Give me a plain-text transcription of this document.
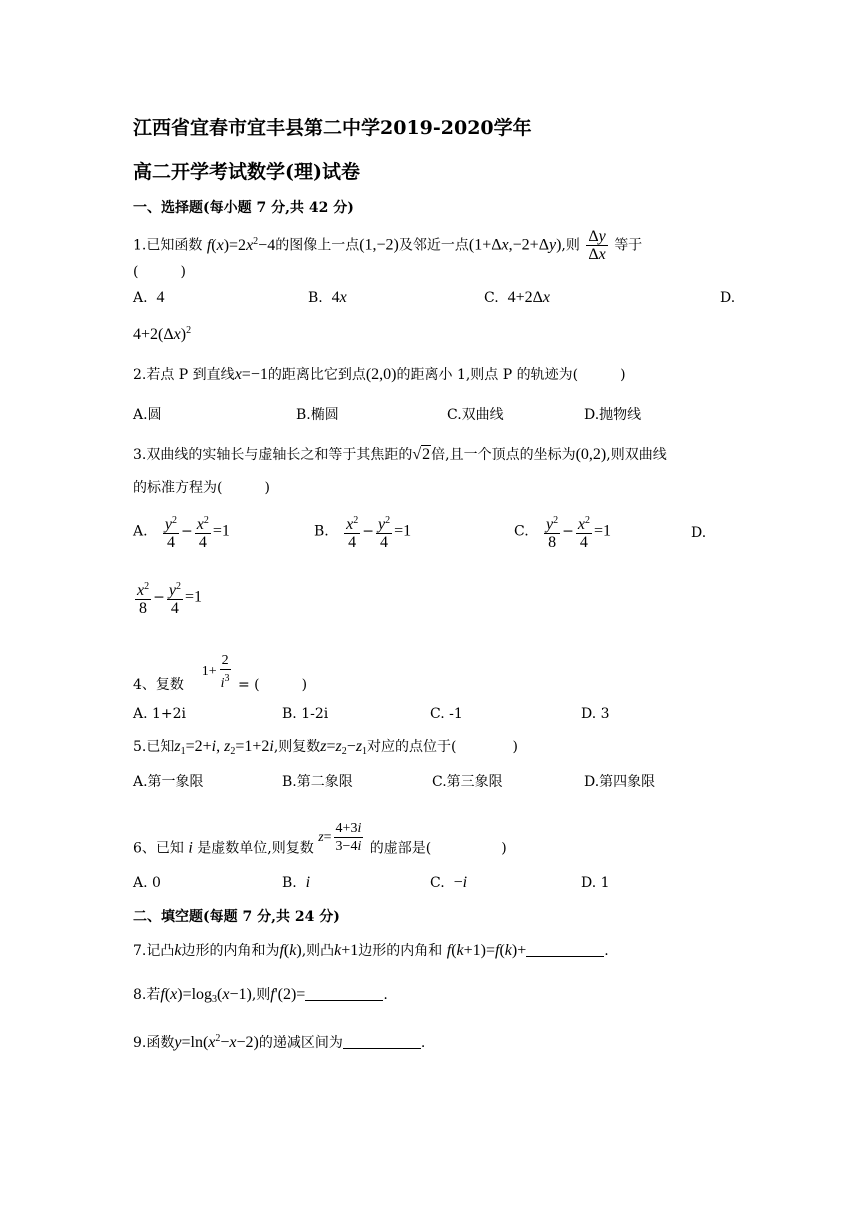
江西省宜春市宜丰县第二中学2019-2020学年
高二开学考试数学(理)试卷
一、选择题(每小题 7 分,共 42 分)
1.已知函数 $f(x)=2x^2-4$的图像上一点(1,−2)及邻近一点(1+Δx,−2+Δy),则 $\frac{\Delta y}{\Delta x}$ 等于
(　　　)
A. 4	B. 4x	C. 4+2Δx	D.
$4+2(\Delta x)^2$
2.若点 P 到直线x=−1的距离比它到点(2,0)的距离小 1,则点 P 的轨迹为(　　　)
A.圆	B.椭圆	C.双曲线	D.抛物线
3.双曲线的实轴长与虚轴长之和等于其焦距的√2倍,且一个顶点的坐标为(0,2),则双曲线
的标准方程为(　　　)
A. $\frac{y^2}{4} - \frac{x^2}{4} =1$	B. $\frac{x^2}{4} - \frac{y^2}{4} =1$	C. $\frac{y^2}{8} - \frac{x^2}{4} =1$	D.
$\frac{x^2}{8} - \frac{y^2}{4} =1$
4、复数    $1+ \frac{2}{i^3}$ = (　　　)
A. 1+2i	B. 1-2i	C. -1	D. 3
5.已知$z_1=2+i$, $z_2=1+2i$,则复数$z=z_2-z_1$对应的点位于(　　　　)
A.第一象限	B.第二象限	C.第三象限	D.第四象限
6、已知 i 是虚数单位,则复数 $z= \frac{4+3i}{3-4i}$ 的虚部是(　　　　　)
A. 0	B. i	C. −i	D. 1
二、填空题(每题 7 分,共 24 分)
7.记凸k边形的内角和为f(k),则凸k+1边形的内角和 f(k+1)=f(k)+	.
8.若$f(x)=\log_3(x-1)$,则f'(2)=	.
9.函数$y=\ln(x^2-x-2)$的递减区间为	.
